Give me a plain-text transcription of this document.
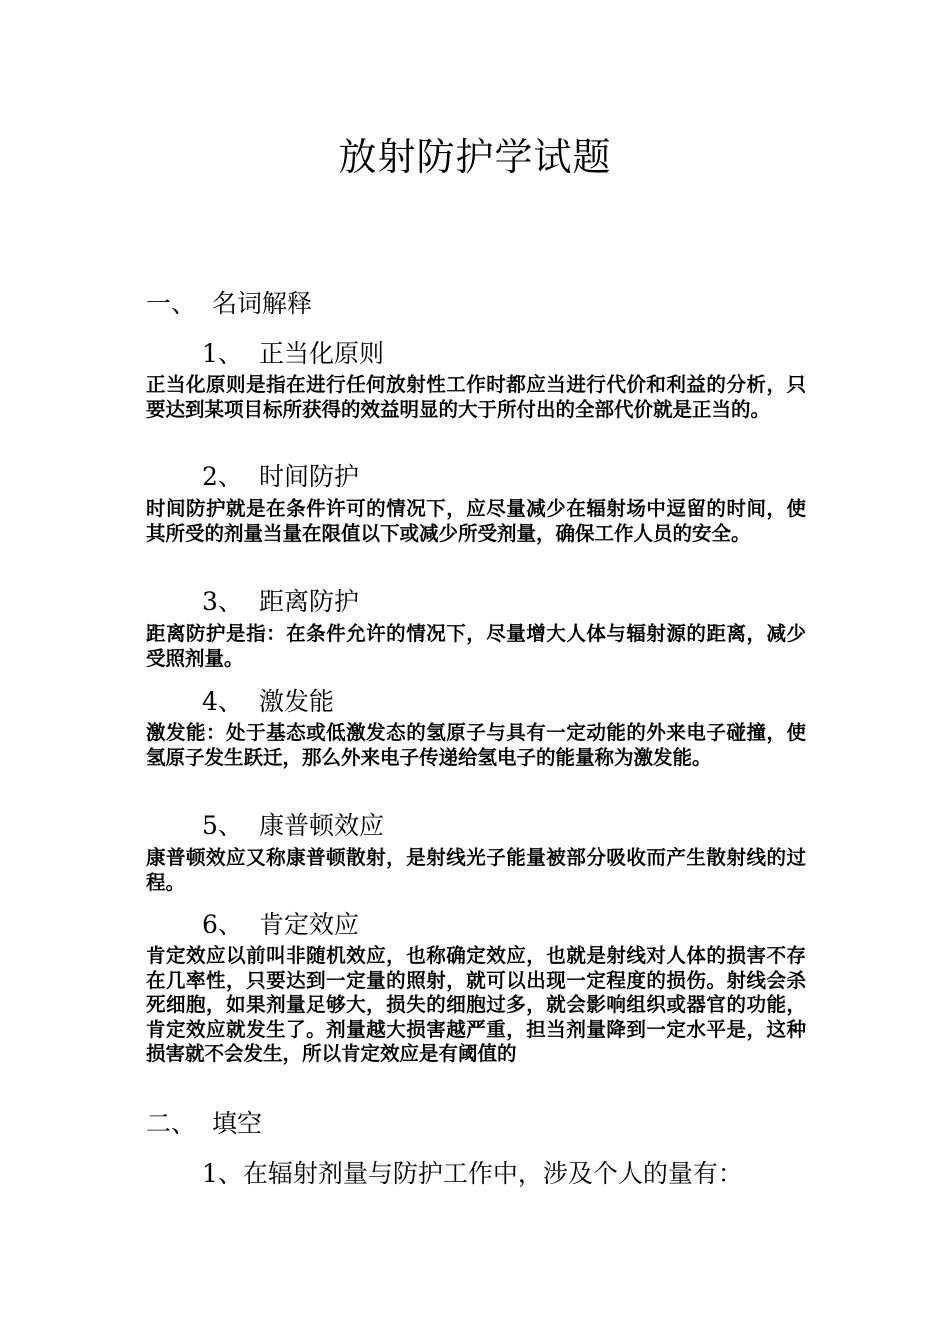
放射防护学试题
一、 名词解释
1、 正当化原则
正当化原则是指在进行任何放射性工作时都应当进行代价和利益的分析，只要达到某项目标所获得的效益明显的大于所付出的全部代价就是正当的。
2、 时间防护
时间防护就是在条件许可的情况下，应尽量减少在辐射场中逗留的时间，使其所受的剂量当量在限值以下或减少所受剂量，确保工作人员的安全。
3、 距离防护
距离防护是指：在条件允许的情况下，尽量增大人体与辐射源的距离，减少受照剂量。
4、 激发能
激发能：处于基态或低激发态的氢原子与具有一定动能的外来电子碰撞，使氢原子发生跃迁，那么外来电子传递给氢电子的能量称为激发能。
5、 康普顿效应
康普顿效应又称康普顿散射，是射线光子能量被部分吸收而产生散射线的过程。
6、 肯定效应
肯定效应以前叫非随机效应，也称确定效应，也就是射线对人体的损害不存在几率性，只要达到一定量的照射，就可以出现一定程度的损伤。射线会杀死细胞，如果剂量足够大，损失的细胞过多，就会影响组织或器官的功能，肯定效应就发生了。剂量越大损害越严重，担当剂量降到一定水平是，这种损害就不会发生，所以肯定效应是有阈值的
二、 填空
1、在辐射剂量与防护工作中，涉及个人的量有：
